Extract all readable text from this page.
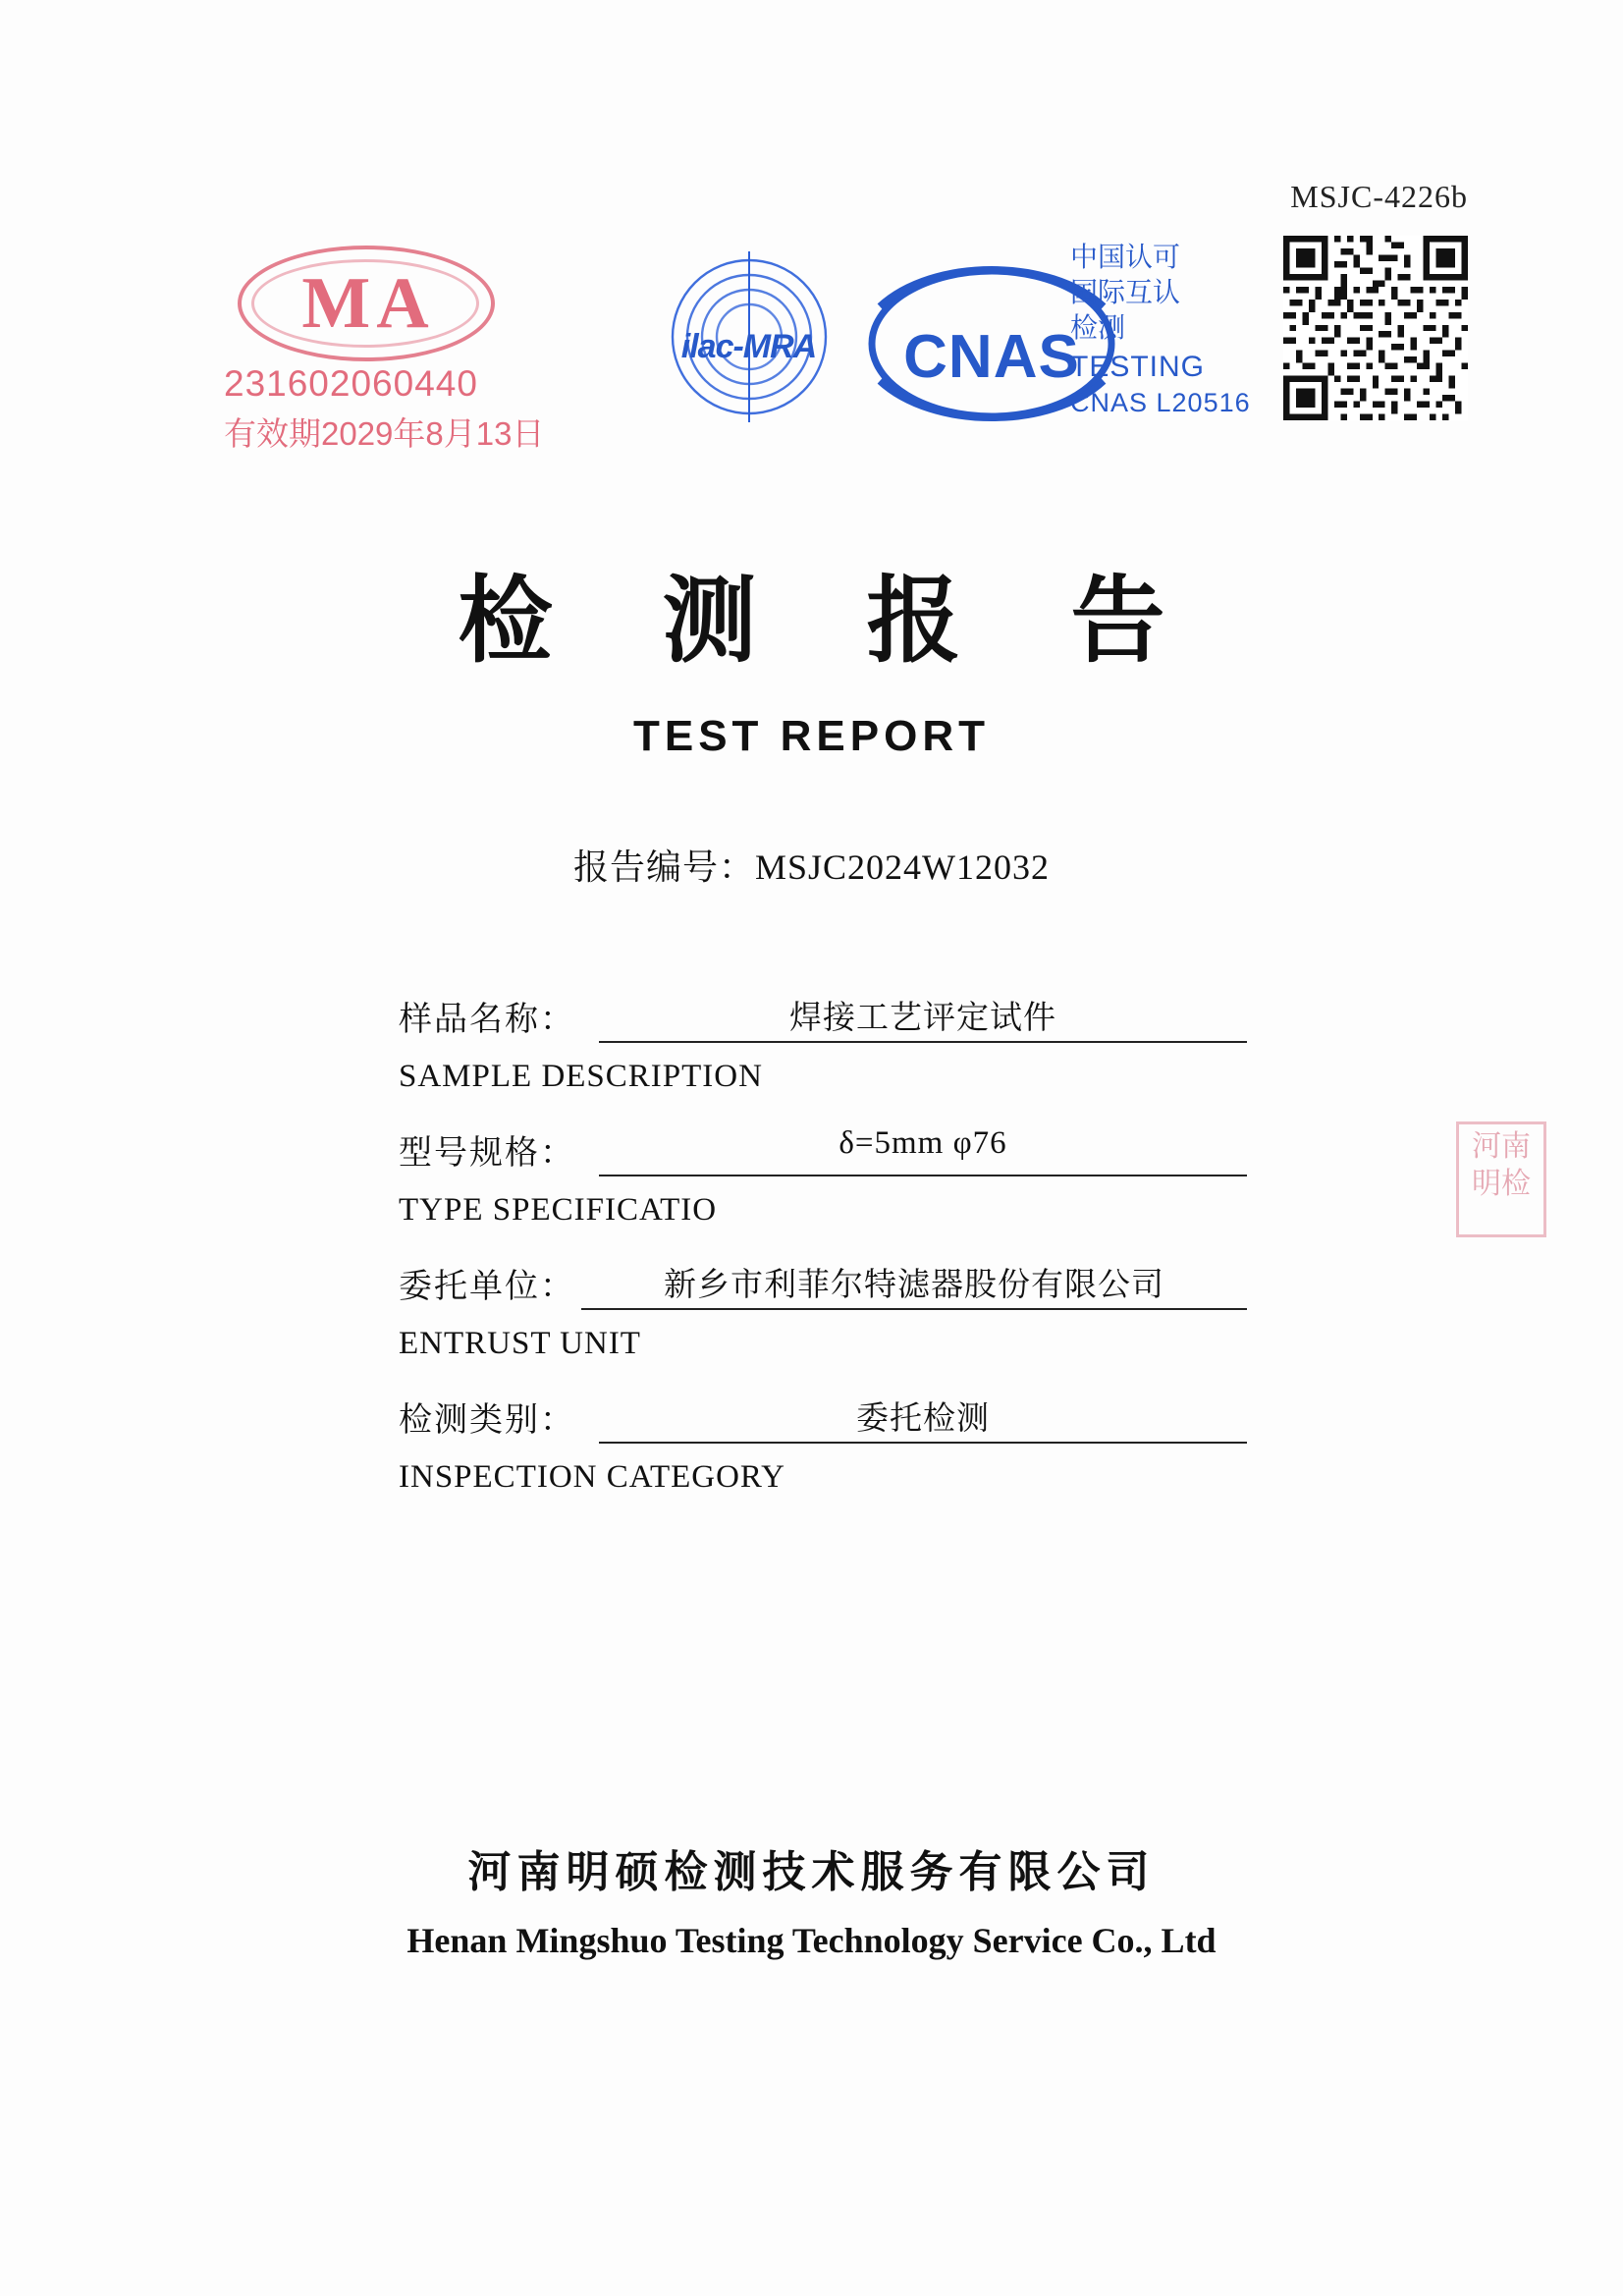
MSJC-4226b
MA
231602060440
有效期2029年8月13日
ilac-MRA	CNAS
中国认可
国际互认
检测
TESTING
CNAS L20516
检 测 报 告
TEST REPORT
报告编号：MSJC2024W12032
样品名称：	焊接工艺评定试件
SAMPLE DESCRIPTION
型号规格：	δ=5mm φ76
TYPE SPECIFICATIO
委托单位：	新乡市利菲尔特滤器股份有限公司
ENTRUST UNIT
检测类别：	委托检测
INSPECTION CATEGORY
河南明检
河南明硕检测技术服务有限公司
Henan Mingshuo Testing Technology Service Co., Ltd
